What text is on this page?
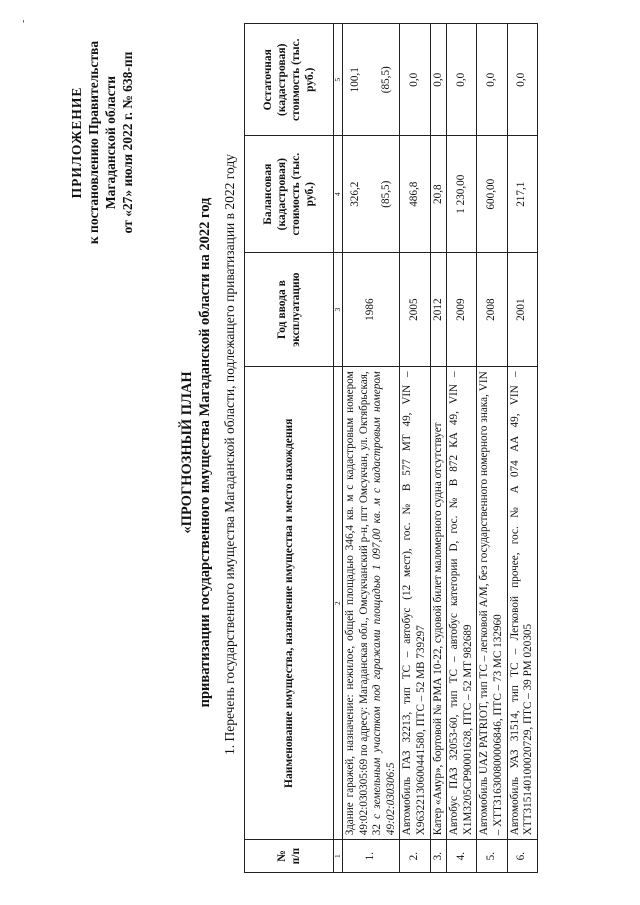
-
ПРИЛОЖЕНИЕ к постановлению Правительства Магаданской области от «27» июля 2022 г. № 638-пп
«ПРОГНОЗНЫЙ ПЛАН приватизации государственного имущества Магаданской области на 2022 год 1. Перечень государственного имущества Магаданской области, подлежащего приватизации в 2022 году
№ п/п	Наименование имущества, назначение имущества и место нахождения	Год ввода в эксплуатацию	Балансовая (кадастровая) стоимость (тыс. руб.)	Остаточная (кадастровая) стоимость (тыс. руб.)
1	2	3	4	5
1.	Здание гаражей, назначение: нежилое, общей площадью 346,4 кв. м с кадастровым номером 49:02:030305:69 по адресу: Магаданская обл., Омсукчанский р-н, пгт Омсукчан, ул. Октябрьская, 32 с земельным участком под гаражами площадью 1 097,00 кв. м с кадастровым номером 49:02:030306:5	1986	326,2 (85,5)	100,1 (85,5)

2.	Автомобиль ГАЗ 32213, тип ТС – автобус (12 мест), гос. № В 577 МТ 49, VIN – X96322130600441580, ПТС – 52 МВ 739297	2005	486,8	0,0
3.	Катер «Амур», бортовой № РМА 10-22, судовой билет маломерного судна отсутствует	2012	20,8	0,0
4.	Автобус ПАЗ 32053-60, тип ТС – автобус категории D, гос. № В 872 КА 49, VIN – X1M3205CP90001628, ПТС – 52 МТ 982689	2009	1 230,00	0,0
5.	Автомобиль UAZ PATRIOT, тип ТС – легковой А/М, без государственного номерного знака, VIN – XTT316300800006846, ПТС – 73 МС 132960	2008	600,00	0,0
6.	Автомобиль УАЗ 31514, тип ТС – Легковой прочее, гос. № А 074 АА 49, VIN – XTT315140100020729, ПТС – 39 РМ 020305	2001	217,1	0,0
